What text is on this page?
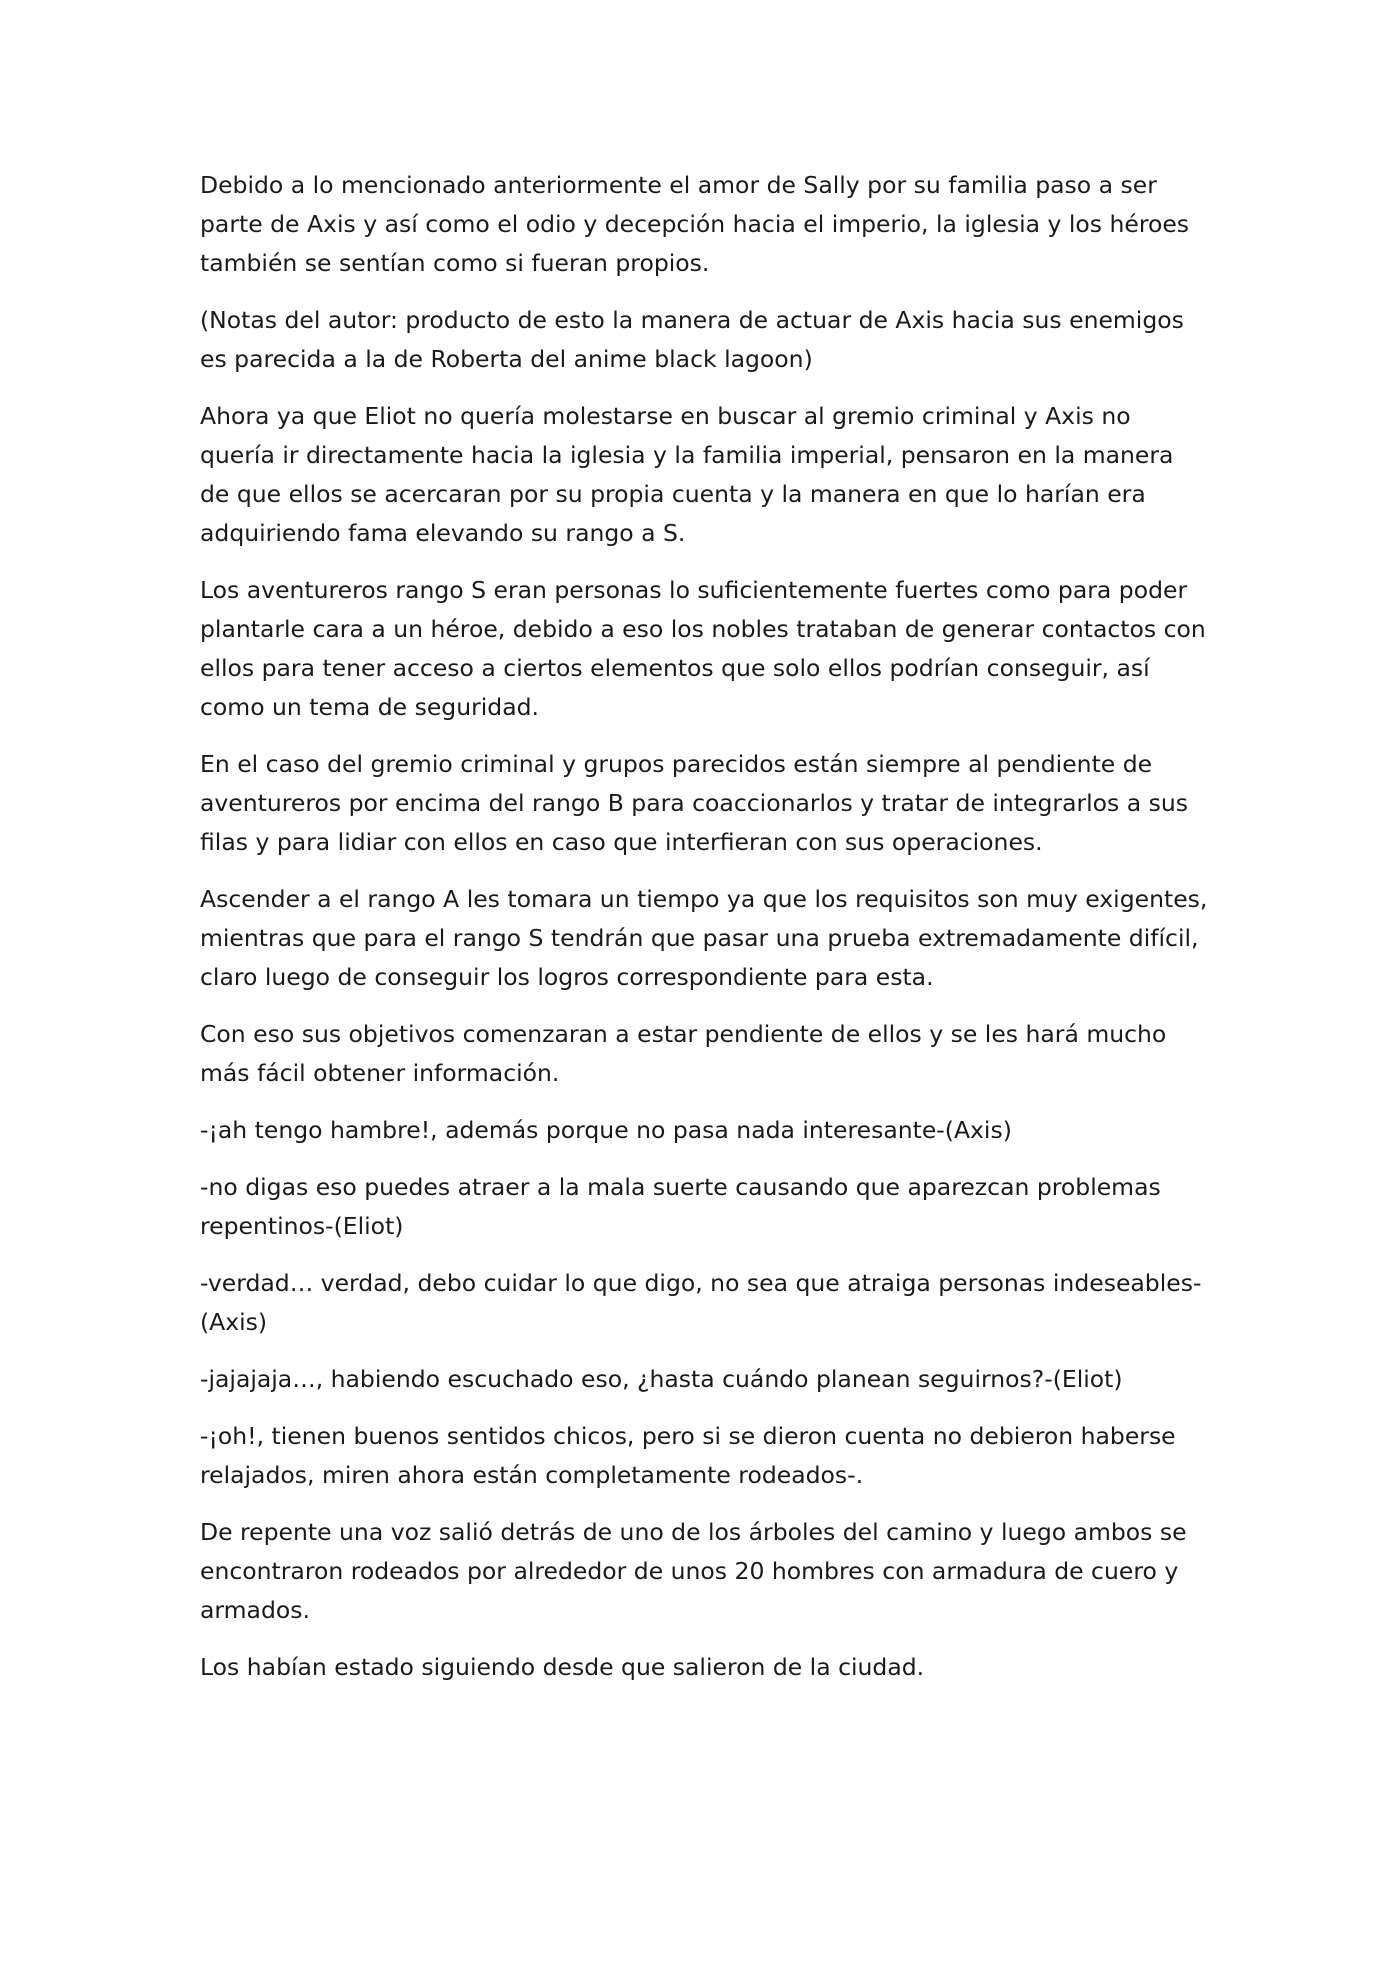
Debido a lo mencionado anteriormente el amor de Sally por su familia paso a ser parte de Axis y así como el odio y decepción hacia el imperio, la iglesia y los héroes también se sentían como si fueran propios.

(Notas del autor: producto de esto la manera de actuar de Axis hacia sus enemigos es parecida a la de Roberta del anime black lagoon)

Ahora ya que Eliot no quería molestarse en buscar al gremio criminal y Axis no quería ir directamente hacia la iglesia y la familia imperial, pensaron en la manera de que ellos se acercaran por su propia cuenta y la manera en que lo harían era adquiriendo fama elevando su rango a S.

Los aventureros rango S eran personas lo suficientemente fuertes como para poder plantarle cara a un héroe, debido a eso los nobles trataban de generar contactos con ellos para tener acceso a ciertos elementos que solo ellos podrían conseguir, así como un tema de seguridad.

En el caso del gremio criminal y grupos parecidos están siempre al pendiente de aventureros por encima del rango B para coaccionarlos y tratar de integrarlos a sus filas y para lidiar con ellos en caso que interfieran con sus operaciones.

Ascender a el rango A les tomara un tiempo ya que los requisitos son muy exigentes, mientras que para el rango S tendrán que pasar una prueba extremadamente difícil, claro luego de conseguir los logros correspondiente para esta.

Con eso sus objetivos comenzaran a estar pendiente de ellos y se les hará mucho más fácil obtener información.

-¡ah tengo hambre!, además porque no pasa nada interesante-(Axis)

-no digas eso puedes atraer a la mala suerte causando que aparezcan problemas repentinos-(Eliot)

-verdad… verdad, debo cuidar lo que digo, no sea que atraiga personas indeseables-(Axis)

-jajajaja…, habiendo escuchado eso, ¿hasta cuándo planean seguirnos?-(Eliot)

-¡oh!, tienen buenos sentidos chicos, pero si se dieron cuenta no debieron haberse relajados, miren ahora están completamente rodeados-.

De repente una voz salió detrás de uno de los árboles del camino y luego ambos se encontraron rodeados por alrededor de unos 20 hombres con armadura de cuero y armados.

Los habían estado siguiendo desde que salieron de la ciudad.
